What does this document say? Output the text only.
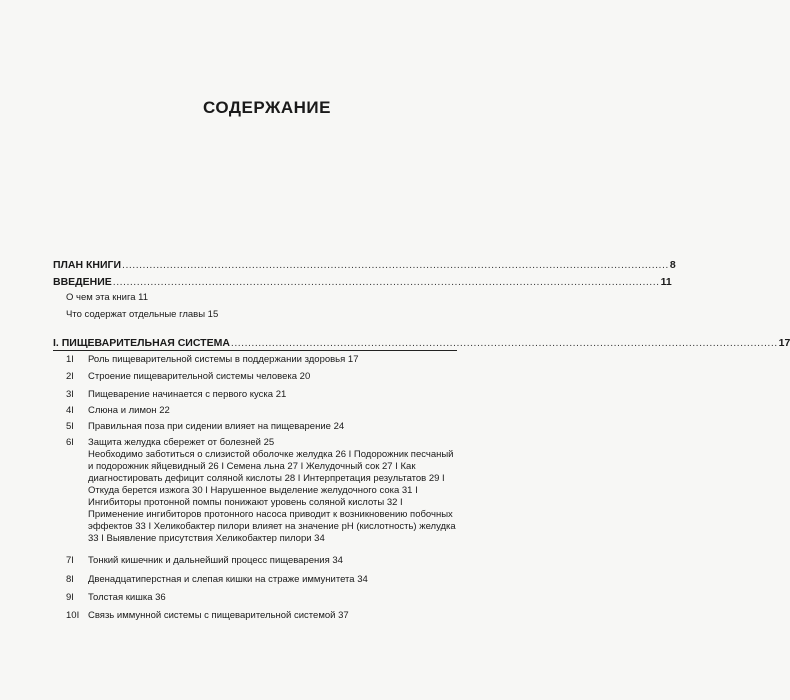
СОДЕРЖАНИЕ
ПЛАН КНИГИ ................................................................................................................................................................ 8
ВВЕДЕНИЕ ................................................................................................................................................................ 11
О чем эта книга 11
Что содержат отдельные главы 15
I. ПИЩЕВАРИТЕЛЬНАЯ СИСТЕМА ................................................................................................................................................................ 17
1I Роль пищеварительной системы в поддержании здоровья 17
2I Строение пищеварительной системы человека 20
3I Пищеварение начинается с первого куска 21
4I Слюна и лимон 22
5I Правильная поза при сидении влияет на пищеварение 24
6I	Защита желудка сбережет от болезней 25
Необходимо заботиться о слизистой оболочке желудка 26 I Подорожник песчаный и подорожник яйцевидный 26 I Семена льна 27 I Желудочный сок 27 I Как диагностировать дефицит соляной кислоты 28 I Интерпретация результатов 29 I Откуда берется изжога 30 I Нарушенное выделение желудочного сока 31 I Ингибиторы протонной помпы понижают уровень соляной кислоты 32 I Применение ингибиторов протонного насоса приводит к возникновению побочных эффектов 33 I Хеликобактер пилори влияет на значение pH (кислотность) желудка 33 I Выявление присутствия Хеликобактер пилори 34
7I Тонкий кишечник и дальнейший процесс пищеварения 34
8I Двенадцатиперстная и слепая кишки на страже иммунитета 34
9I Толстая кишка 36
10I Связь иммунной системы с пищеварительной системой 37
